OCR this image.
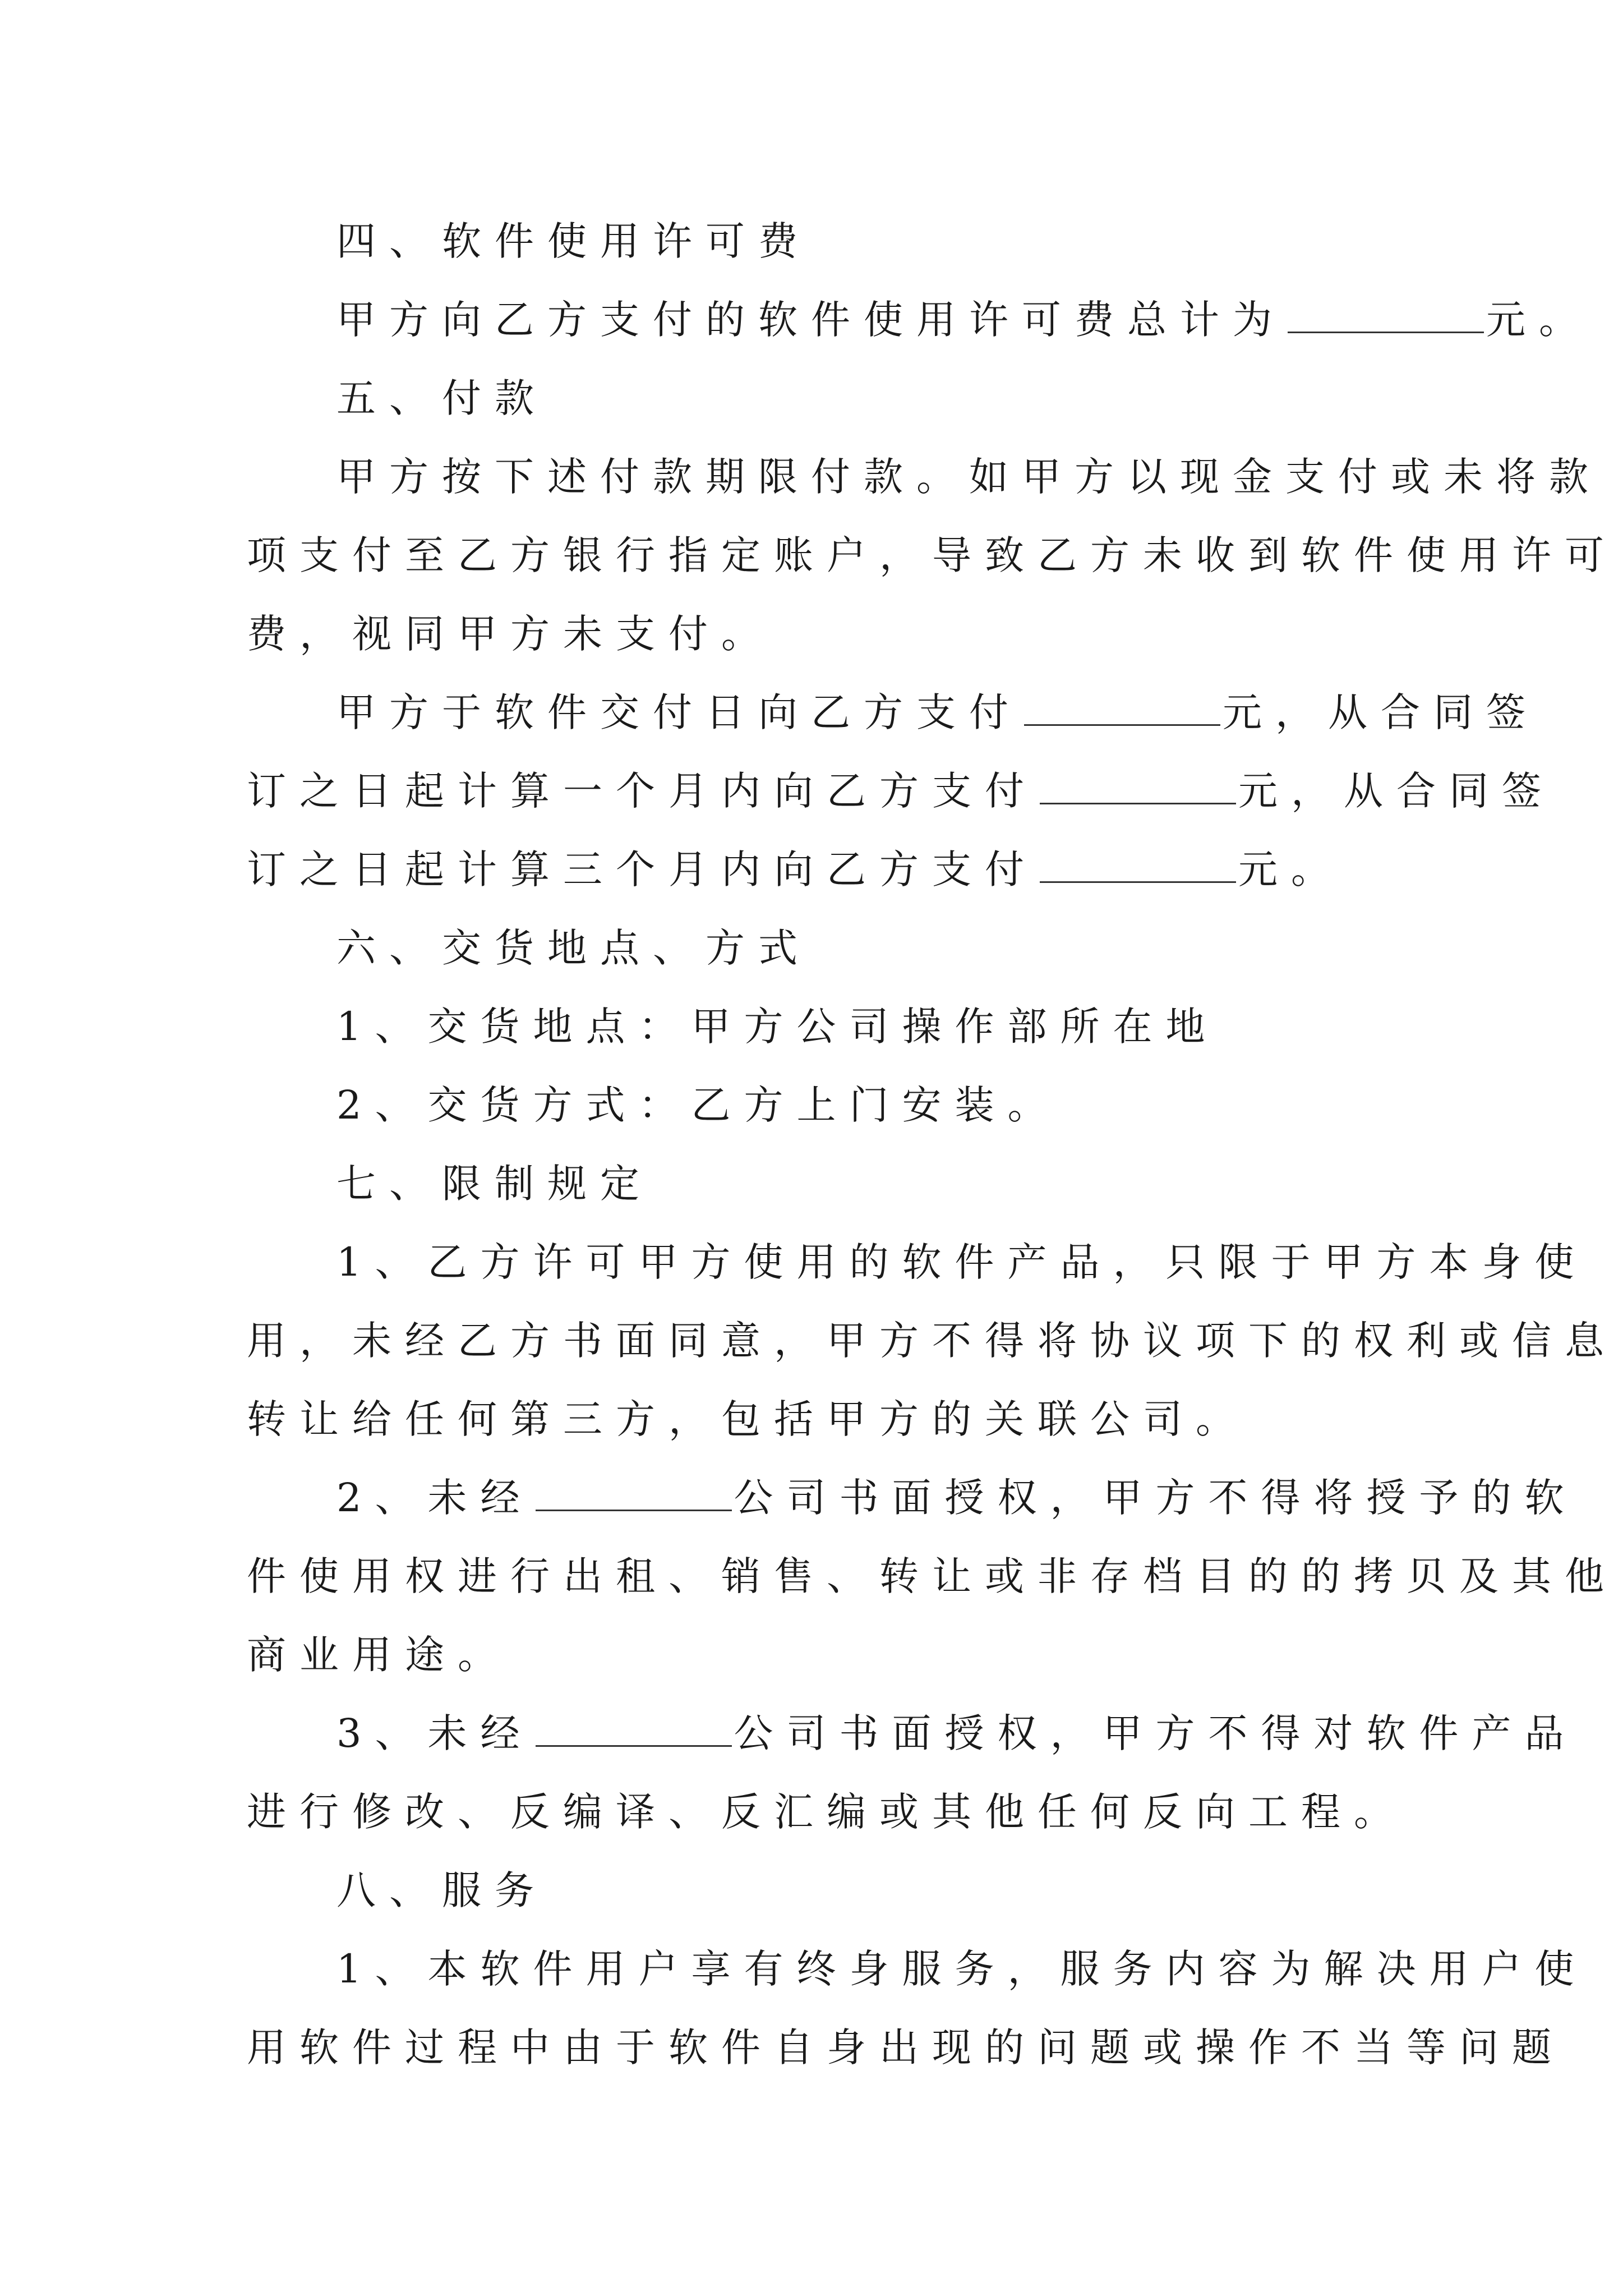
四、软件使用许可费
甲方向乙方支付的软件使用许可费总计为	元。
五、付款
甲方按下述付款期限付款。如甲方以现金支付或未将款
项支付至乙方银行指定账户，导致乙方未收到软件使用许可
费，视同甲方未支付。
甲方于软件交付日向乙方支付	元，从合同签
订之日起计算一个月内向乙方支付	元，从合同签
订之日起计算三个月内向乙方支付	元。
六、交货地点、方式
1、交货地点：甲方公司操作部所在地
2、交货方式：乙方上门安装。
七、限制规定
1、乙方许可甲方使用的软件产品，只限于甲方本身使
用，未经乙方书面同意，甲方不得将协议项下的权利或信息
转让给任何第三方，包括甲方的关联公司。
2、未经	公司书面授权，甲方不得将授予的软
件使用权进行出租、销售、转让或非存档目的的拷贝及其他
商业用途。
3、未经	公司书面授权，甲方不得对软件产品
进行修改、反编译、反汇编或其他任何反向工程。
八、服务
1、本软件用户享有终身服务，服务内容为解决用户使
用软件过程中由于软件自身出现的问题或操作不当等问题
